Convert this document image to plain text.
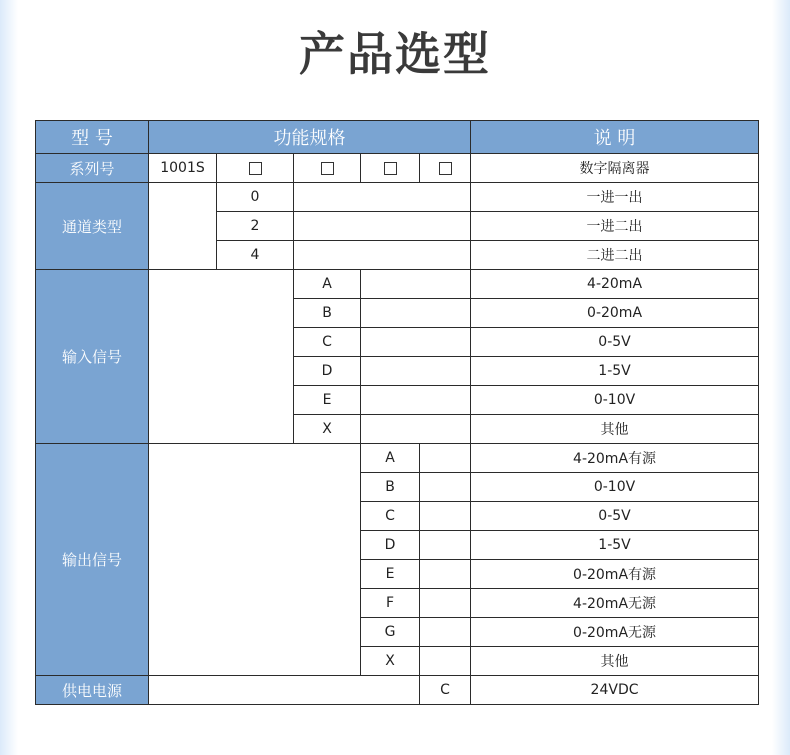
产品选型
型 号	功能规格					说 明
系列号	1001S					数字隔离器
通道类型		0				一进一出
		2				一进二出
		4				二进二出
输入信号			A			4-20mA
			B			0-20mA
			C			0-5V
			D			1-5V
			E			0-10V
			X			其他
输出信号				A		4-20mA有源
				B		0-10V
				C		0-5V
				D		1-5V
				E		0-20mA有源
				F		4-20mA无源
				G		0-20mA无源
				X		其他
供电电源					C	24VDC
